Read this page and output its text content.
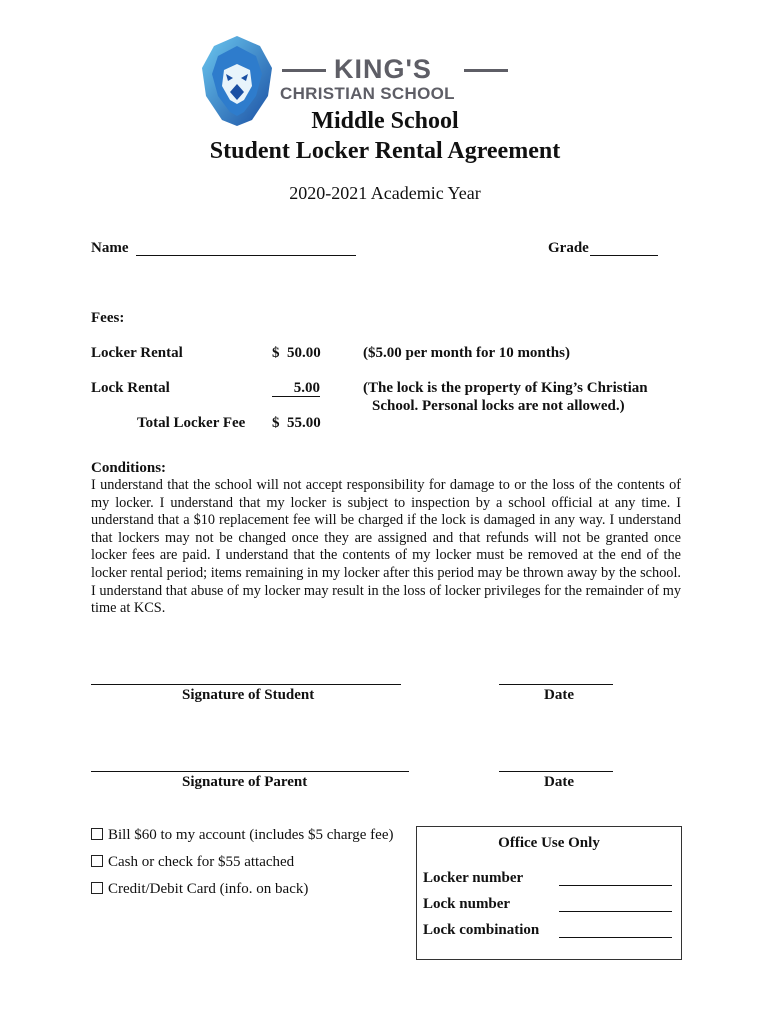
KING'S
CHRISTIAN SCHOOL
Middle School
Student Locker Rental Agreement
2020-2021 Academic Year
Name	Grade
Fees:
Locker Rental	$  50.00	($5.00 per month for 10 months)
Lock Rental	5.00	(The lock is the property of King’s Christian
School. Personal locks are not allowed.)
Total Locker Fee $  55.00
Conditions:
I understand that the school will not accept responsibility for damage to or the loss of the contents of my locker. I understand that my locker is subject to inspection by a school official at any time. I understand that a $10 replacement fee will be charged if the lock is damaged in any way. I understand that lockers may not be changed once they are assigned and that refunds will not be granted once locker fees are paid. I understand that the contents of my locker must be removed at the end of the locker rental period; items remaining in my locker after this period may be thrown away by the school. I understand that abuse of my locker may result in the loss of locker privileges for the remainder of my time at KCS.
Signature of Student	Date
Signature of Parent	Date
Bill $60 to my account (includes $5 charge fee)
Cash or check for $55 attached
Credit/Debit Card (info. on back)
Office Use Only
Locker number
Lock number
Lock combination
